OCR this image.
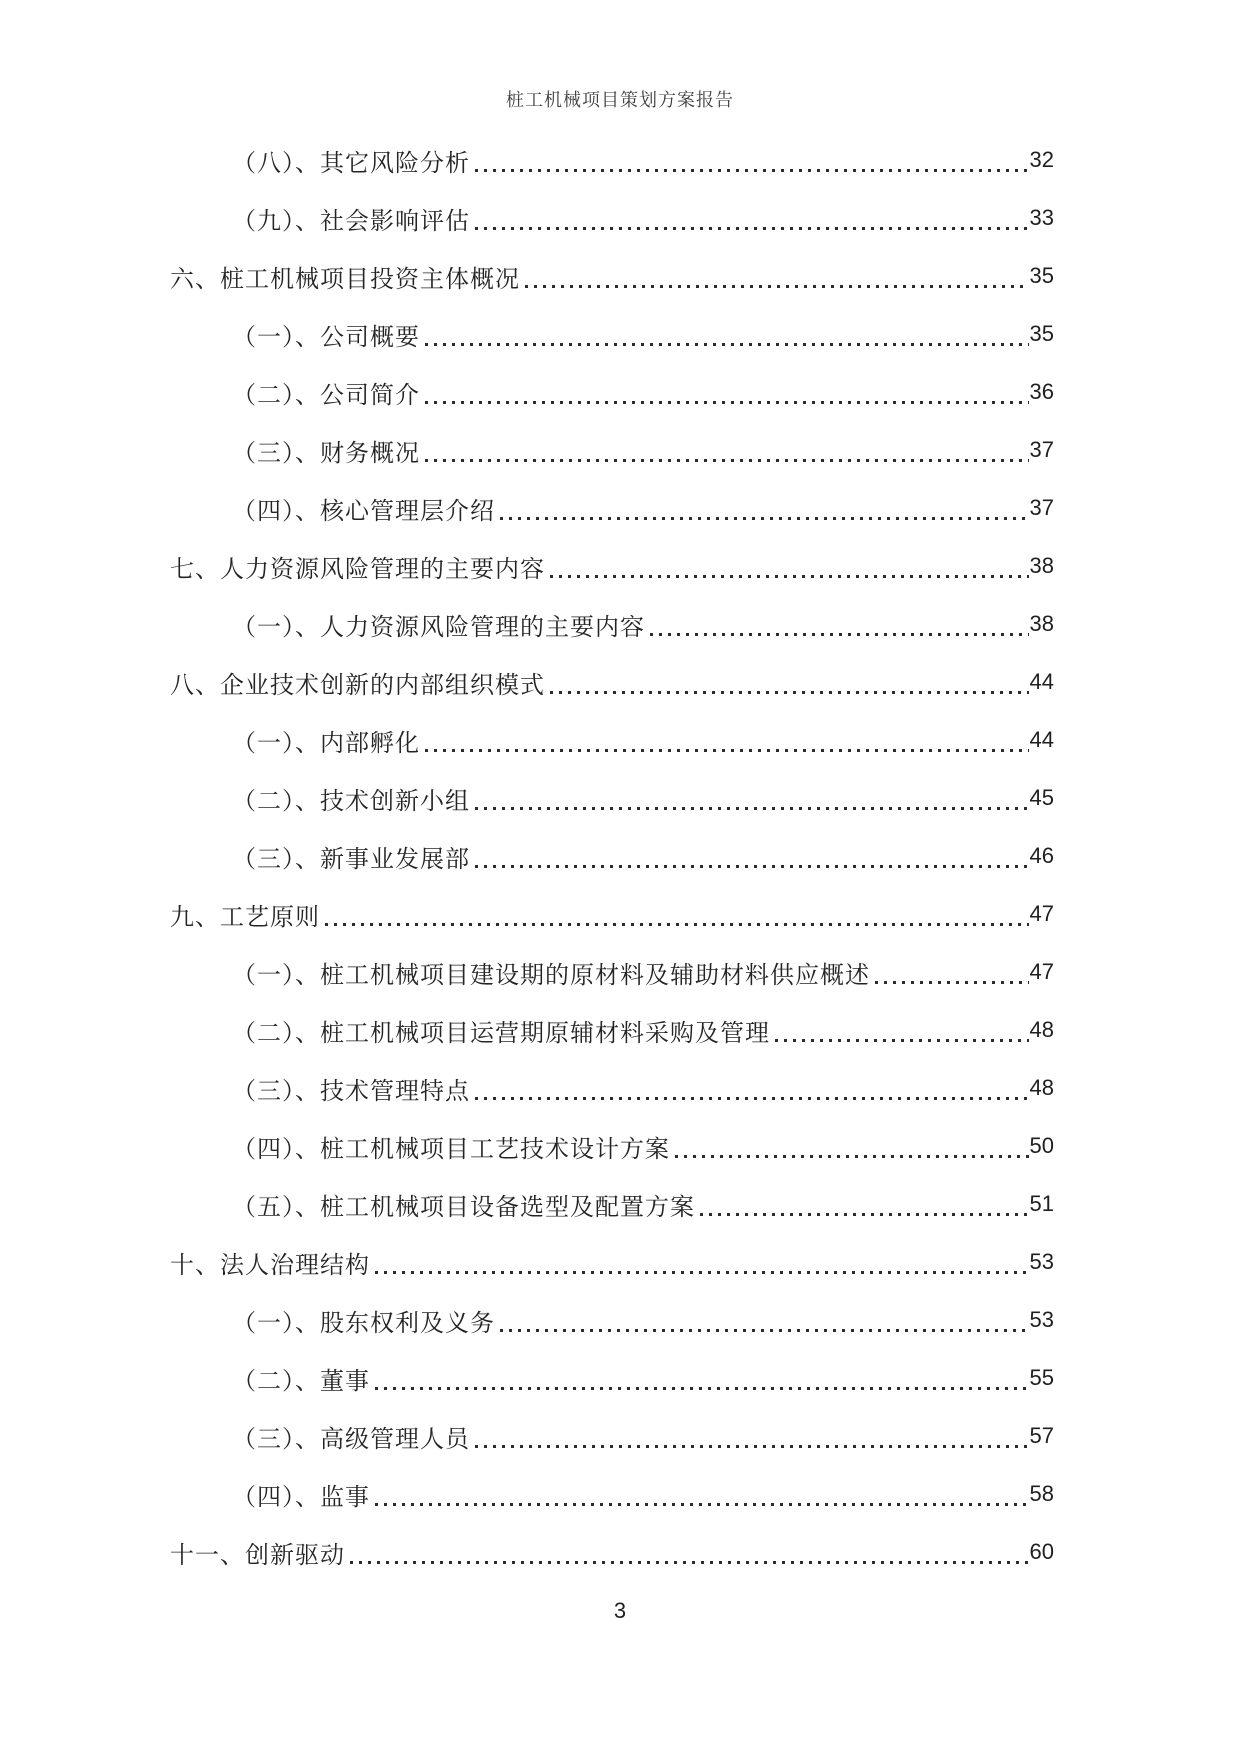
桩工机械项目策划方案报告
（八）、其它风险分析	32
（九）、社会影响评估	33
六、桩工机械项目投资主体概况	35
（一）、公司概要	35
（二）、公司简介	36
（三）、财务概况	37
（四）、核心管理层介绍	37
七、人力资源风险管理的主要内容	38
（一）、人力资源风险管理的主要内容	38
八、企业技术创新的内部组织模式	44
（一）、内部孵化	44
（二）、技术创新小组	45
（三）、新事业发展部	46
九、工艺原则	47
（一）、桩工机械项目建设期的原材料及辅助材料供应概述	47
（二）、桩工机械项目运营期原辅材料采购及管理	48
（三）、技术管理特点	48
（四）、桩工机械项目工艺技术设计方案	50
（五）、桩工机械项目设备选型及配置方案	51
十、法人治理结构	53
（一）、股东权利及义务	53
（二）、董事	55
（三）、高级管理人员	57
（四）、监事	58
十一、创新驱动	60
3
